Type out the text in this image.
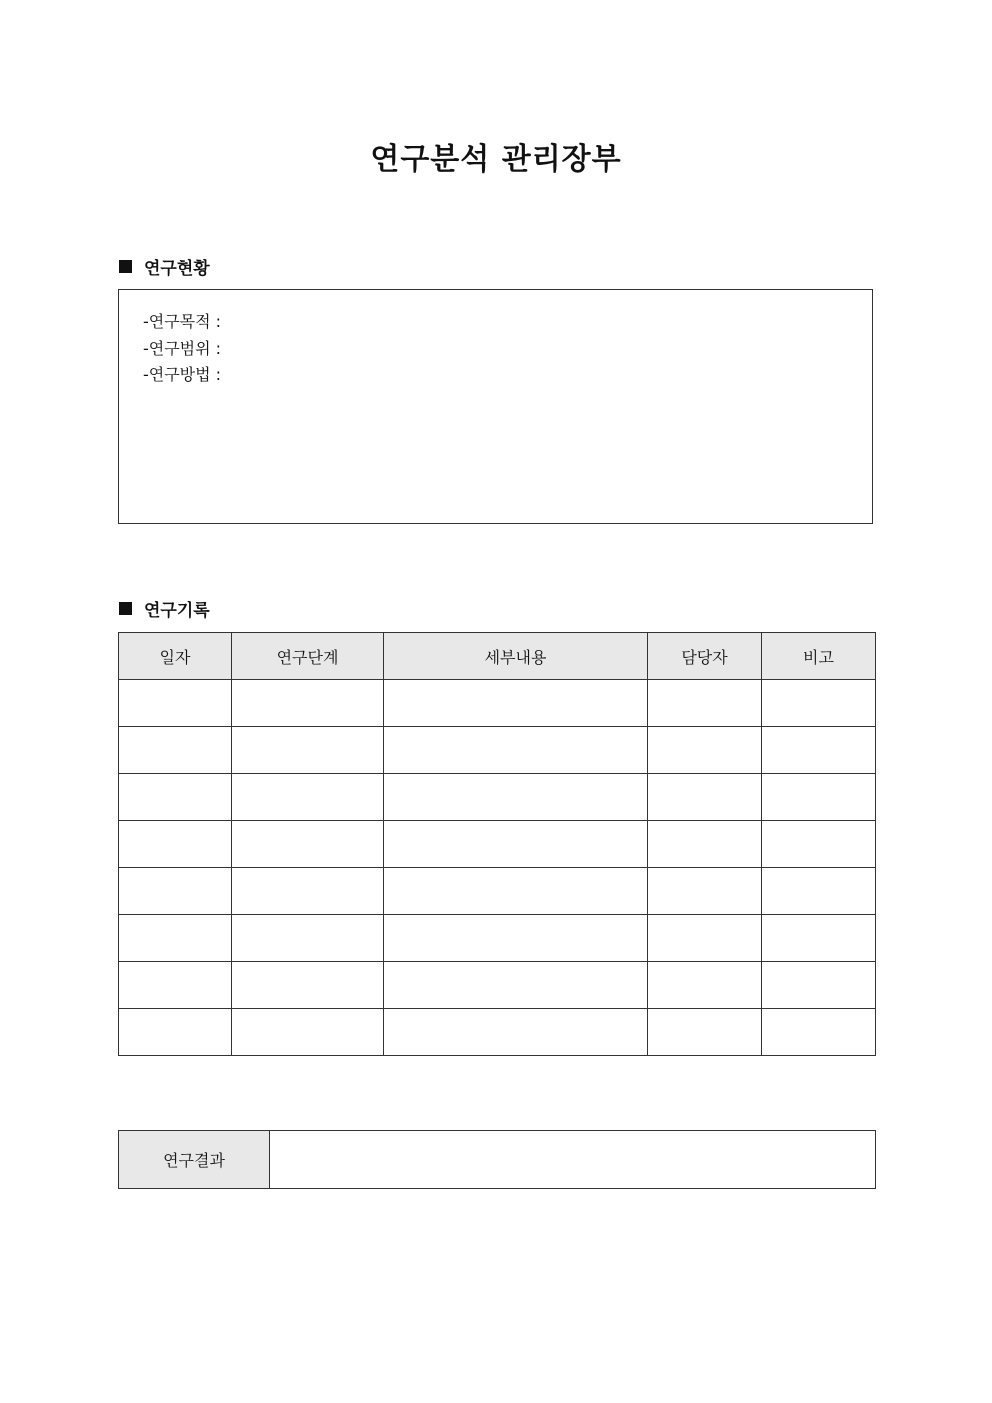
연구분석 관리장부
연구현황
-연구목적 :
-연구범위 :
-연구방법 :
연구기록
일자	연구단계	세부내용	담당자	비고

연구결과	
